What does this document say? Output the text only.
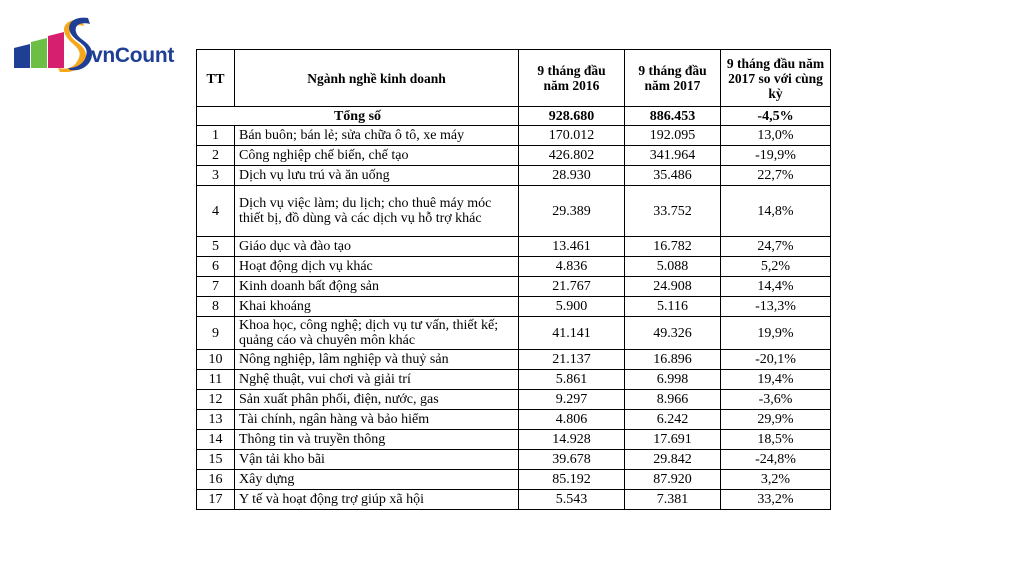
vnCount
TT	Ngành nghề kinh doanh	9 tháng đầu năm 2016	9 tháng đầu năm 2017	9 tháng đầu năm 2017 so với cùng kỳ
Tổng số		928.680	886.453	-4,5%
1	Bán buôn; bán lẻ; sửa chữa ô tô, xe máy	170.012	192.095	13,0%
2	Công nghiệp chế biến, chế tạo	426.802	341.964	-19,9%
3	Dịch vụ lưu trú và ăn uống	28.930	35.486	22,7%
4	Dịch vụ việc làm; du lịch; cho thuê máy móc thiết bị, đồ dùng và các dịch vụ hỗ trợ khác	29.389	33.752	14,8%
5	Giáo dục và đào tạo	13.461	16.782	24,7%
6	Hoạt động dịch vụ khác	4.836	5.088	5,2%
7	Kinh doanh bất động sản	21.767	24.908	14,4%
8	Khai khoáng	5.900	5.116	-13,3%
9	Khoa học, công nghệ; dịch vụ tư vấn, thiết kế; quảng cáo và chuyên môn khác	41.141	49.326	19,9%
10	Nông nghiệp, lâm nghiệp và thuỷ sản	21.137	16.896	-20,1%
11	Nghệ thuật, vui chơi và giải trí	5.861	6.998	19,4%
12	Sản xuất phân phối, điện, nước, gas	9.297	8.966	-3,6%
13	Tài chính, ngân hàng và bảo hiểm	4.806	6.242	29,9%
14	Thông tin và truyền thông	14.928	17.691	18,5%
15	Vận tải kho bãi	39.678	29.842	-24,8%
16	Xây dựng	85.192	87.920	3,2%
17	Y tế và hoạt động trợ giúp xã hội	5.543	7.381	33,2%
